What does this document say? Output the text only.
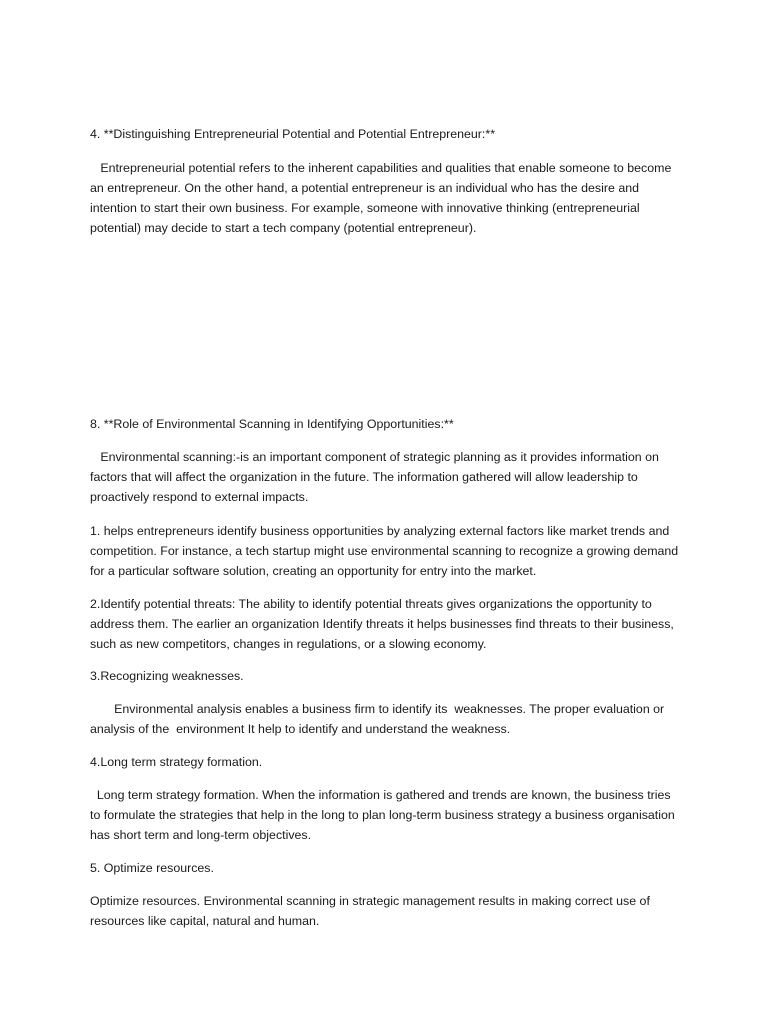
4. **Distinguishing Entrepreneurial Potential and Potential Entrepreneur:**

Entrepreneurial potential refers to the inherent capabilities and qualities that enable someone to become an entrepreneur. On the other hand, a potential entrepreneur is an individual who has the desire and intention to start their own business. For example, someone with innovative thinking (entrepreneurial potential) may decide to start a tech company (potential entrepreneur).

8. **Role of Environmental Scanning in Identifying Opportunities:**

Environmental scanning:-is an important component of strategic planning as it provides information on factors that will affect the organization in the future. The information gathered will allow leadership to proactively respond to external impacts.

1. helps entrepreneurs identify business opportunities by analyzing external factors like market trends and competition. For instance, a tech startup might use environmental scanning to recognize a growing demand for a particular software solution, creating an opportunity for entry into the market.

2.Identify potential threats: The ability to identify potential threats gives organizations the opportunity to address them. The earlier an organization Identify threats it helps businesses find threats to their business, such as new competitors, changes in regulations, or a slowing economy.

3.Recognizing weaknesses.

Environmental analysis enables a business firm to identify its  weaknesses. The proper evaluation or analysis of the  environment It help to identify and understand the weakness.

4.Long term strategy formation.

Long term strategy formation. When the information is gathered and trends are known, the business tries to formulate the strategies that help in the long to plan long-term business strategy a business organisation has short term and long-term objectives.

5. Optimize resources.

Optimize resources. Environmental scanning in strategic management results in making correct use of resources like capital, natural and human.
